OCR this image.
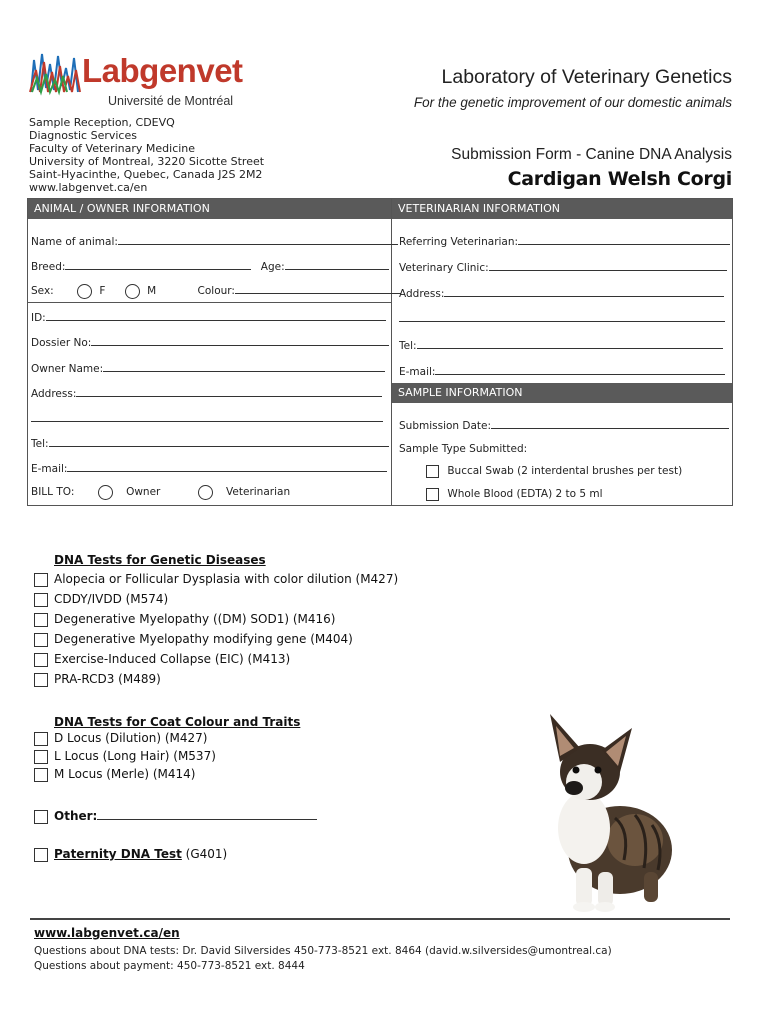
Labgenvet
Université de Montréal
Laboratory of Veterinary Genetics
For the genetic improvement of our domestic animals
Sample Reception, CDEVQ
Diagnostic Services
Faculty of Veterinary Medicine
University of Montreal, 3220 Sicotte Street
Saint-Hyacinthe, Quebec, Canada J2S 2M2
www.labgenvet.ca/en
Submission Form - Canine DNA Analysis
Cardigan Welsh Corgi
ANIMAL / OWNER INFORMATION	VETERINARIAN INFORMATION
Name of animal:
Breed:	Age:
Sex:	F	M	Colour:
ID:
Dossier No:
Owner Name:
Address:
Tel:
E-mail:
BILL TO:	Owner	Veterinarian
Referring Veterinarian:
Veterinary Clinic:
Address:
Tel:
E-mail:
SAMPLE INFORMATION
Submission Date:
Sample Type Submitted:
Buccal Swab (2 interdental brushes per test)
Whole Blood (EDTA) 2 to 5 ml
DNA Tests for Genetic Diseases
Alopecia or Follicular Dysplasia with color dilution (M427)
CDDY/IVDD (M574)
Degenerative Myelopathy ((DM) SOD1) (M416)
Degenerative Myelopathy modifying gene (M404)
Exercise-Induced Collapse (EIC) (M413)
PRA-RCD3 (M489)
DNA Tests for Coat Colour and Traits
D Locus (Dilution) (M427)
L Locus (Long Hair) (M537)
M Locus (Merle) (M414)
Other:
Paternity DNA Test (G401)
www.labgenvet.ca/en
Questions about DNA tests: Dr. David Silversides 450-773-8521 ext. 8464 (david.w.silversides@umontreal.ca)
Questions about payment: 450-773-8521 ext. 8444
